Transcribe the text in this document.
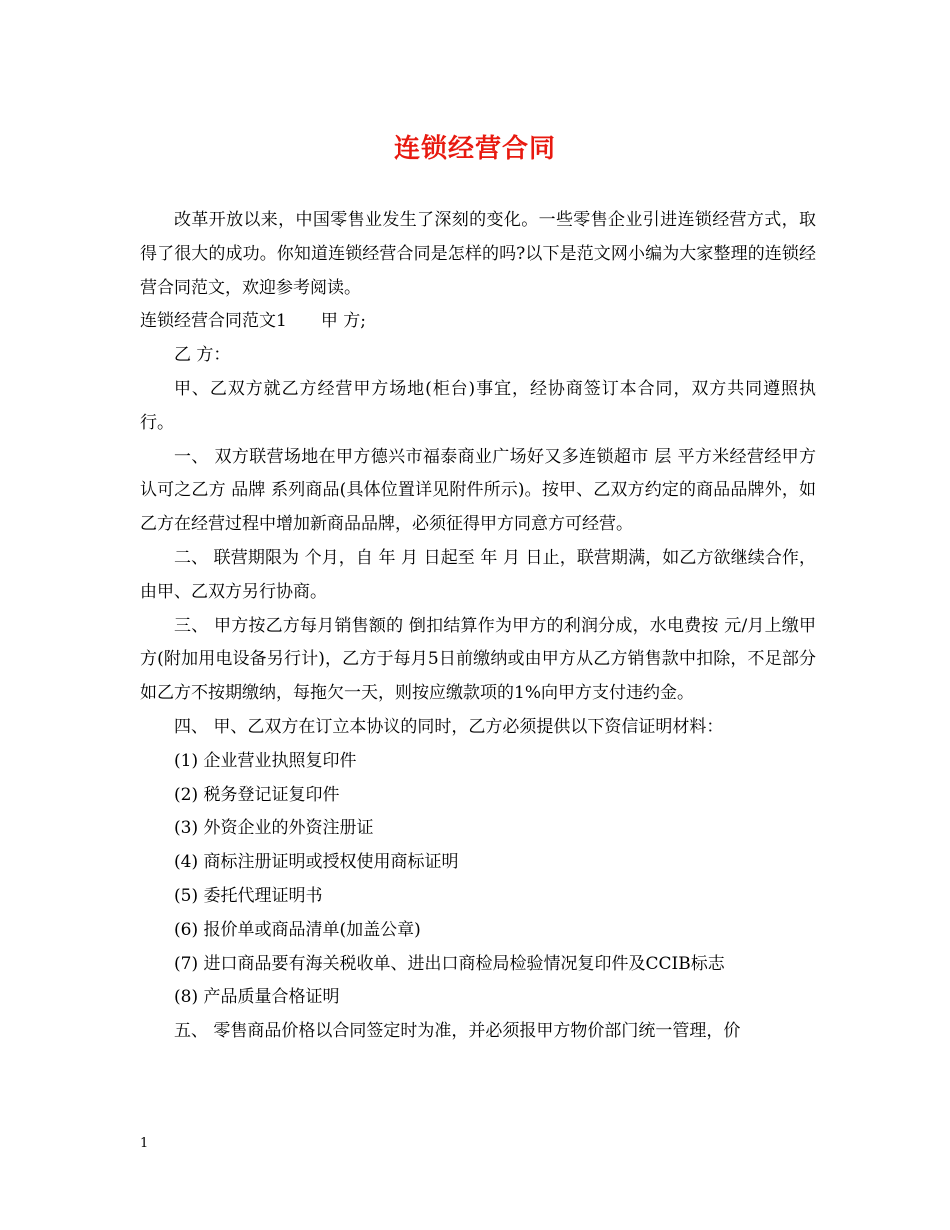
连锁经营合同

改革开放以来，中国零售业发生了深刻的变化。一些零售企业引进连锁经营方式，取得了很大的成功。你知道连锁经营合同是怎样的吗?以下是范文网小编为大家整理的连锁经营合同范文，欢迎参考阅读。

连锁经营合同范文1 甲 方;

乙 方：

甲、乙双方就乙方经营甲方场地(柜台)事宜，经协商签订本合同，双方共同遵照执行。

一、 双方联营场地在甲方德兴市福泰商业广场好又多连锁超市 层 平方米经营经甲方认可之乙方 品牌 系列商品(具体位置详见附件所示)。按甲、乙双方约定的商品品牌外，如乙方在经营过程中增加新商品品牌，必须征得甲方同意方可经营。

二、 联营期限为 个月，自 年 月 日起至 年 月 日止，联营期满，如乙方欲继续合作，由甲、乙双方另行协商。

三、 甲方按乙方每月销售额的 倒扣结算作为甲方的利润分成，水电费按 元/月上缴甲方(附加用电设备另行计)，乙方于每月5日前缴纳或由甲方从乙方销售款中扣除，不足部分如乙方不按期缴纳，每拖欠一天，则按应缴款项的1%向甲方支付违约金。

四、 甲、乙双方在订立本协议的同时，乙方必须提供以下资信证明材料：

(1) 企业营业执照复印件

(2) 税务登记证复印件

(3) 外资企业的外资注册证

(4) 商标注册证明或授权使用商标证明

(5) 委托代理证明书

(6) 报价单或商品清单(加盖公章)

(7) 进口商品要有海关税收单、进出口商检局检验情况复印件及CCIB标志

(8) 产品质量合格证明

五、 零售商品价格以合同签定时为准，并必须报甲方物价部门统一管理，价

1
